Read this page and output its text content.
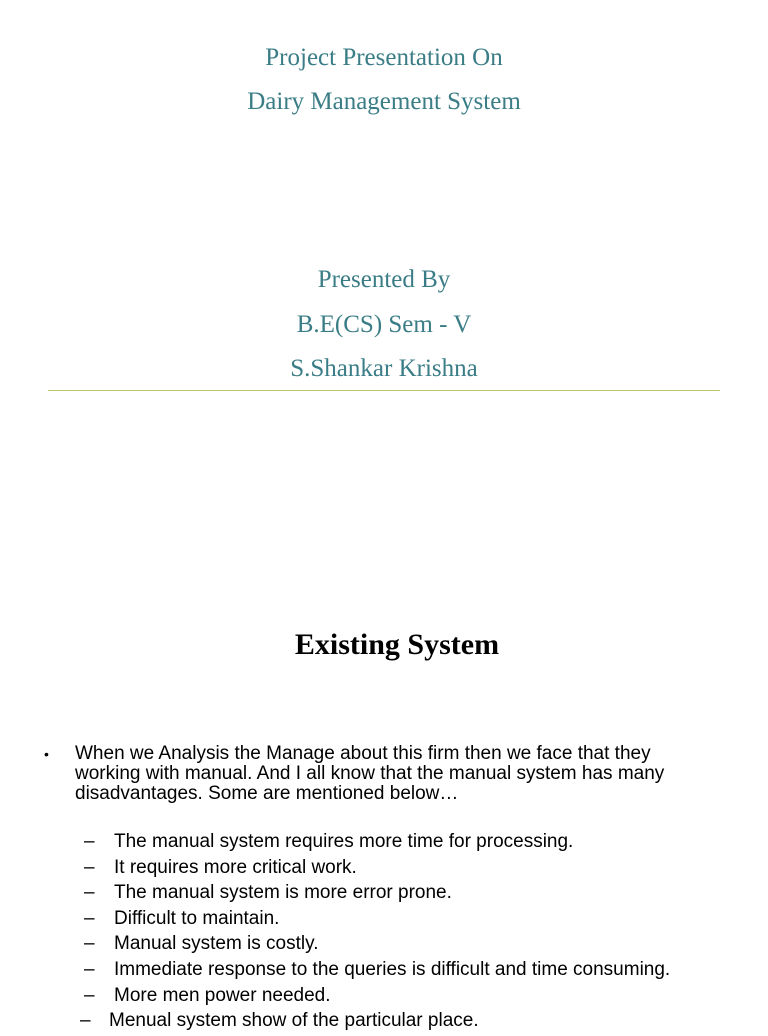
Project Presentation On
Dairy Management System
Presented By
B.E(CS) Sem - V
S.Shankar Krishna
Existing System
• When we Analysis the Manage about this firm then we face that they
working with manual. And I all know that the manual system has many
disadvantages. Some are mentioned below…
– The manual system requires more time for processing.
– It requires more critical work.
– The manual system is more error prone.
– Difficult to maintain.
– Manual system is costly.
– Immediate response to the queries is difficult and time consuming.
– More men power needed.
– Menual system show of the particular place.
